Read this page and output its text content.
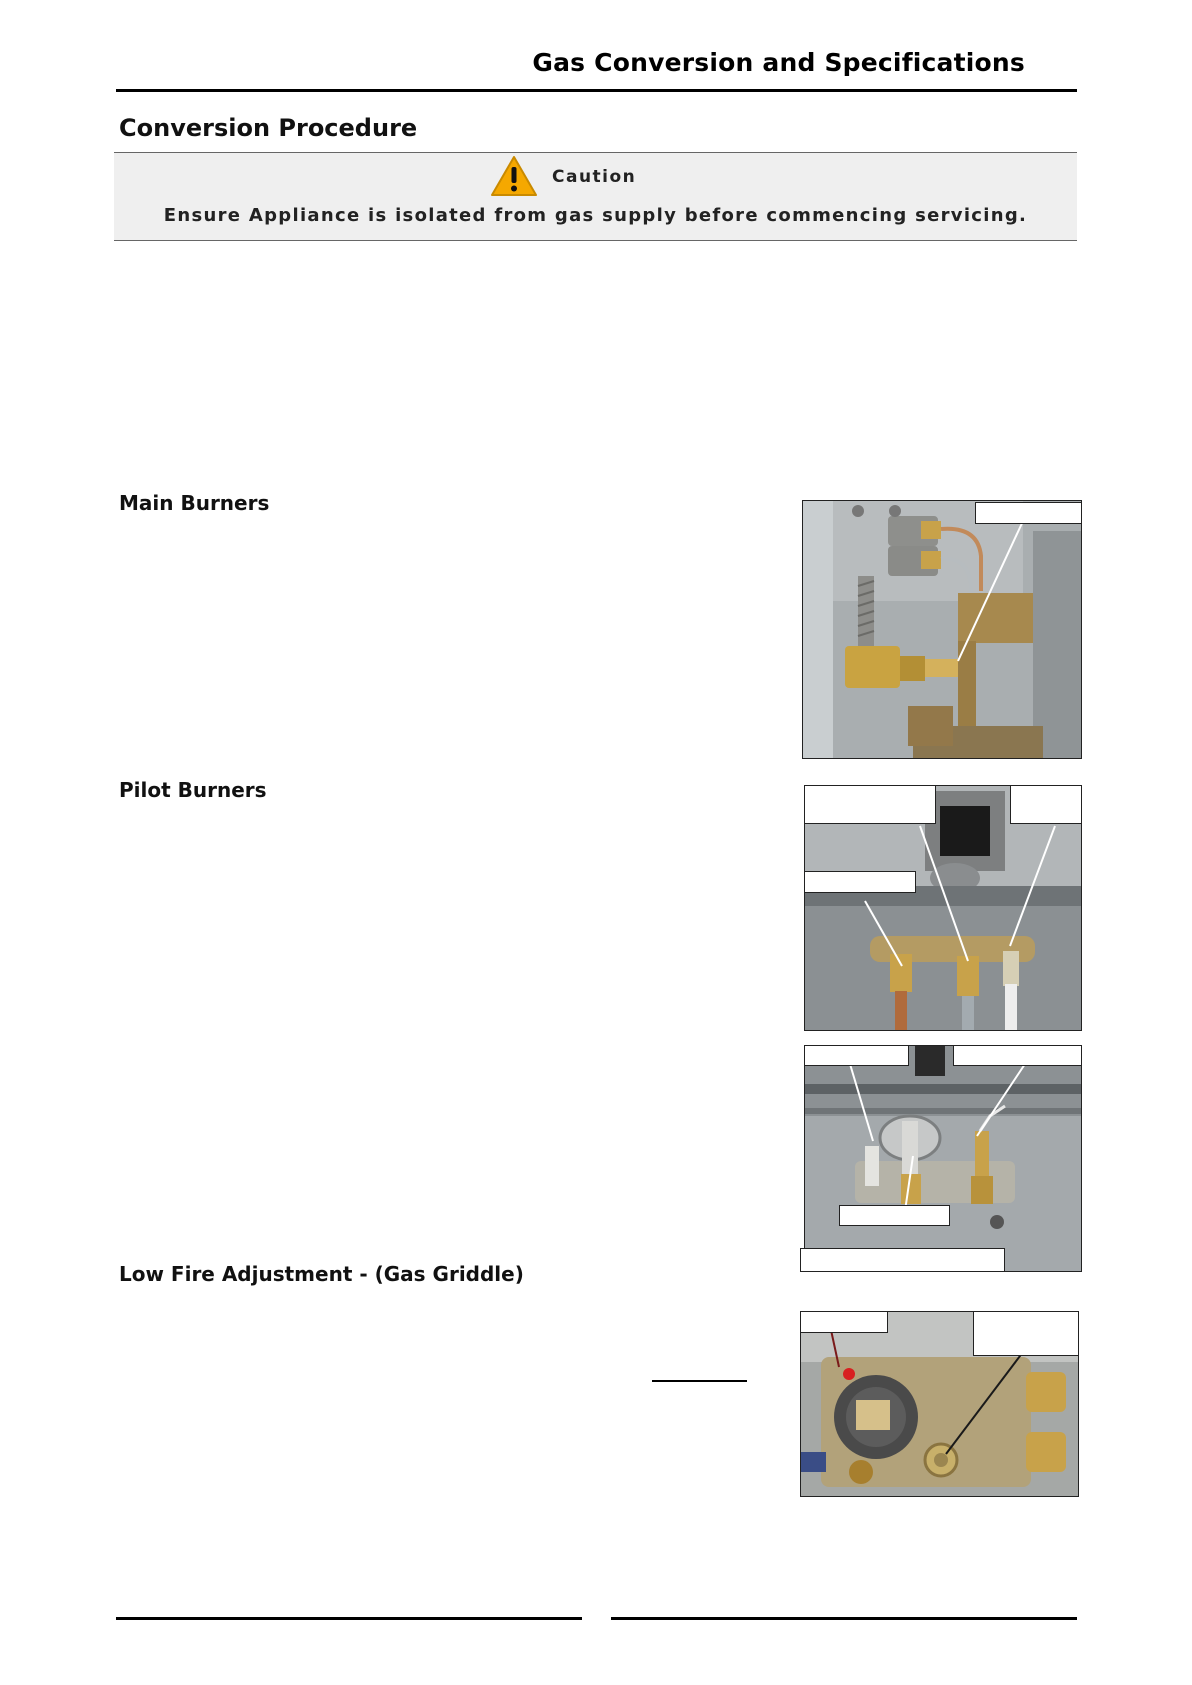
Gas Conversion and Specifications
Conversion Procedure
Caution
Ensure Appliance is isolated from gas supply before commencing servicing.
Main Burners
Pilot Burners
Low Fire Adjustment - (Gas Griddle)
